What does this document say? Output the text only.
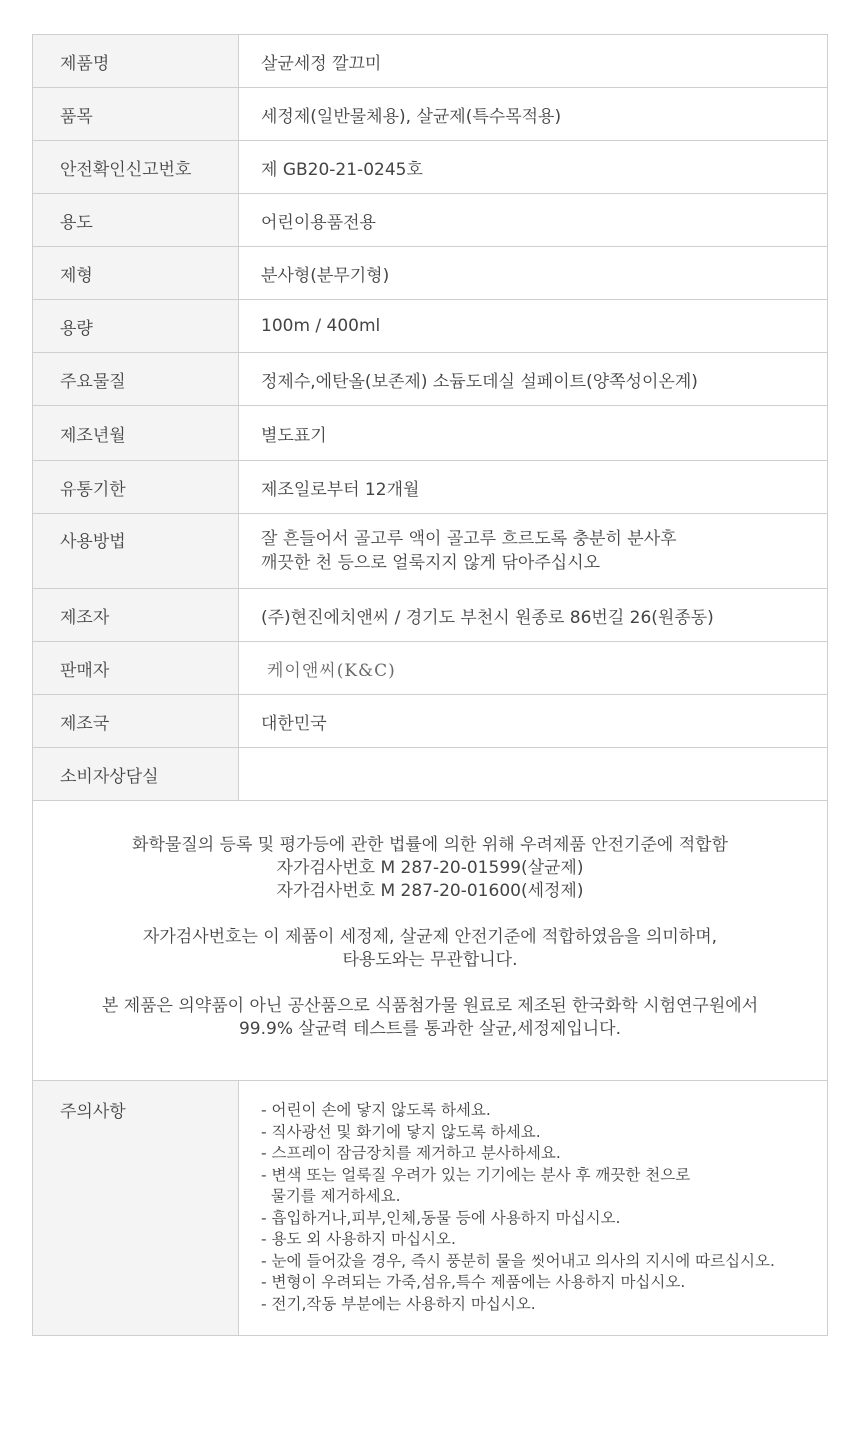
제품명	살균세정 깔끄미
품목	세정제(일반물체용), 살균제(특수목적용)
안전확인신고번호	제 GB20-21-0245호
용도	어린이용품전용
제형	분사형(분무기형)
용량	100m / 400ml
주요물질	정제수,에탄올(보존제) 소듐도데실 설페이트(양쪽성이온계)
제조년월	별도표기
유통기한	제조일로부터 12개월
사용방법	잘 흔들어서 골고루 액이 골고루 흐르도록 충분히 분사후
깨끗한 천 등으로 얼룩지지 않게 닦아주십시오
제조자	(주)현진에치앤씨 / 경기도 부천시 원종로 86번길 26(원종동)
판매자	케이앤씨(K&C)
제조국	대한민국
소비자상담실

화학물질의 등록 및 평가등에 관한 법률에 의한 위해 우려제품 안전기준에 적합함

자가검사번호 M 287-20-01599(살균제)

자가검사번호 M 287-20-01600(세정제)

자가검사번호는 이 제품이 세정제, 살균제 안전기준에 적합하였음을 의미하며,

타용도와는 무관합니다.

본 제품은 의약품이 아닌 공산품으로 식품첨가물 원료로 제조된 한국화학 시험연구원에서

99.9% 살균력 테스트를 통과한 살균,세정제입니다.

주의사항	- 어린이 손에 닿지 않도록 하세요.
- 직사광선 및 화기에 닿지 않도록 하세요.
- 스프레이 잠금장치를 제거하고 분사하세요.
- 변색 또는 얼룩질 우려가 있는 기기에는 분사 후 깨끗한 천으로
물기를 제거하세요.
- 흡입하거나,피부,인체,동물 등에 사용하지 마십시오.
- 용도 외 사용하지 마십시오.
- 눈에 들어갔을 경우, 즉시 풍분히 물을 씻어내고 의사의 지시에 따르십시오.
- 변형이 우려되는 가죽,섬유,특수 제품에는 사용하지 마십시오.
- 전기,작동 부분에는 사용하지 마십시오.
